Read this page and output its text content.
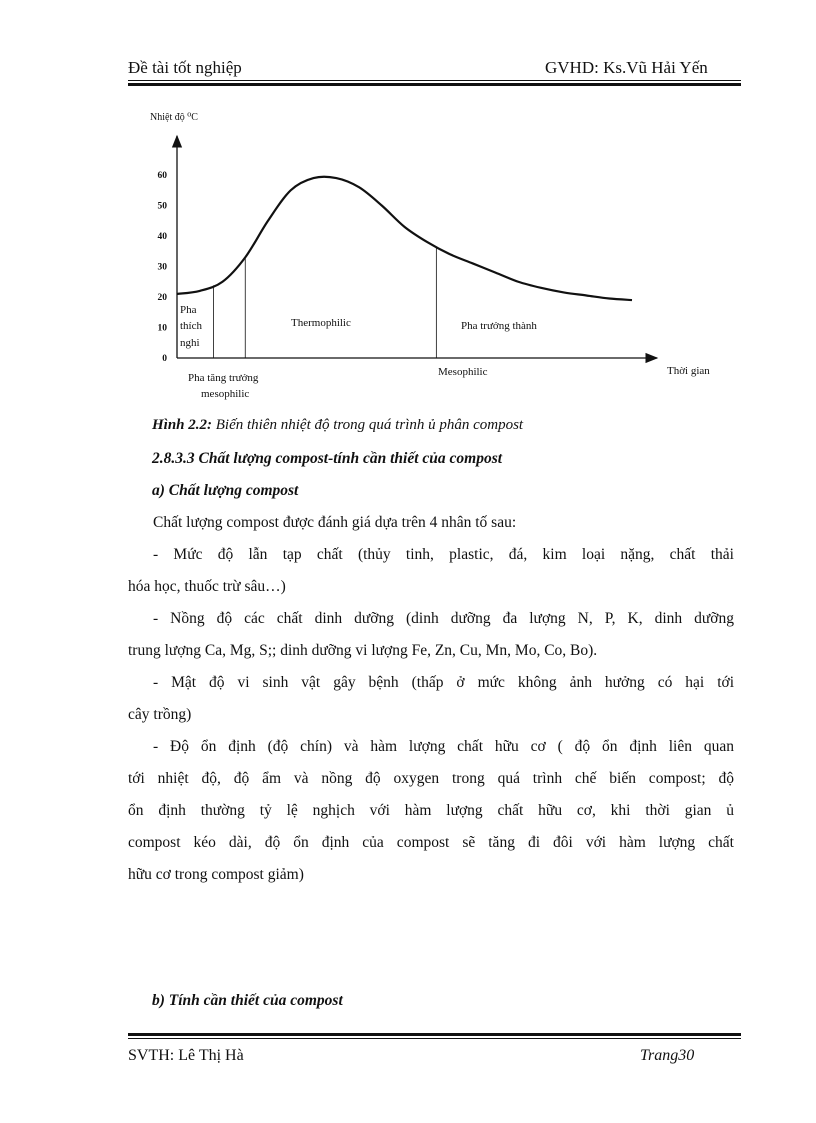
Đề tài tốt nghiệp	GVHD: Ks.Vũ Hải Yến
Nhiệt độ ⁰C
Thời gian
0
10
20
30
40
50
60
Pha
thích
nghi
Thermophilic	Pha trưởng thành
Pha tăng trưởng
mesophilic
Mesophilic
Hình 2.2: Biến thiên nhiệt độ trong quá trình ủ phân compost
2.8.3.3 Chất lượng compost-tính cần thiết của compost
a) Chất lượng compost
Chất lượng compost được đánh giá dựa trên 4 nhân tố sau:
- Mức độ lẫn tạp chất (thủy tinh, plastic, đá, kim loại nặng, chất thải
hóa học, thuốc trừ sâu…)
- Nồng độ các chất dinh dưỡng (dinh dưỡng đa lượng N, P, K, dinh dưỡng
trung lượng Ca, Mg, S;; dinh dưỡng vi lượng Fe, Zn, Cu, Mn, Mo, Co, Bo).
- Mật độ vi sinh vật gây bệnh (thấp ở mức không ảnh hưởng có hại tới
cây trồng)
- Độ ổn định (độ chín) và hàm lượng chất hữu cơ ( độ ổn định liên quan
tới nhiệt độ, độ ẩm và nồng độ oxygen trong quá trình chế biến compost; độ
ổn định thường tỷ lệ nghịch với hàm lượng chất hữu cơ, khi thời gian ủ
compost kéo dài, độ ổn định của compost sẽ tăng đi đôi với hàm lượng chất
hữu cơ trong compost giảm)
b) Tính cần thiết của compost
SVTH: Lê Thị Hà	Trang30
